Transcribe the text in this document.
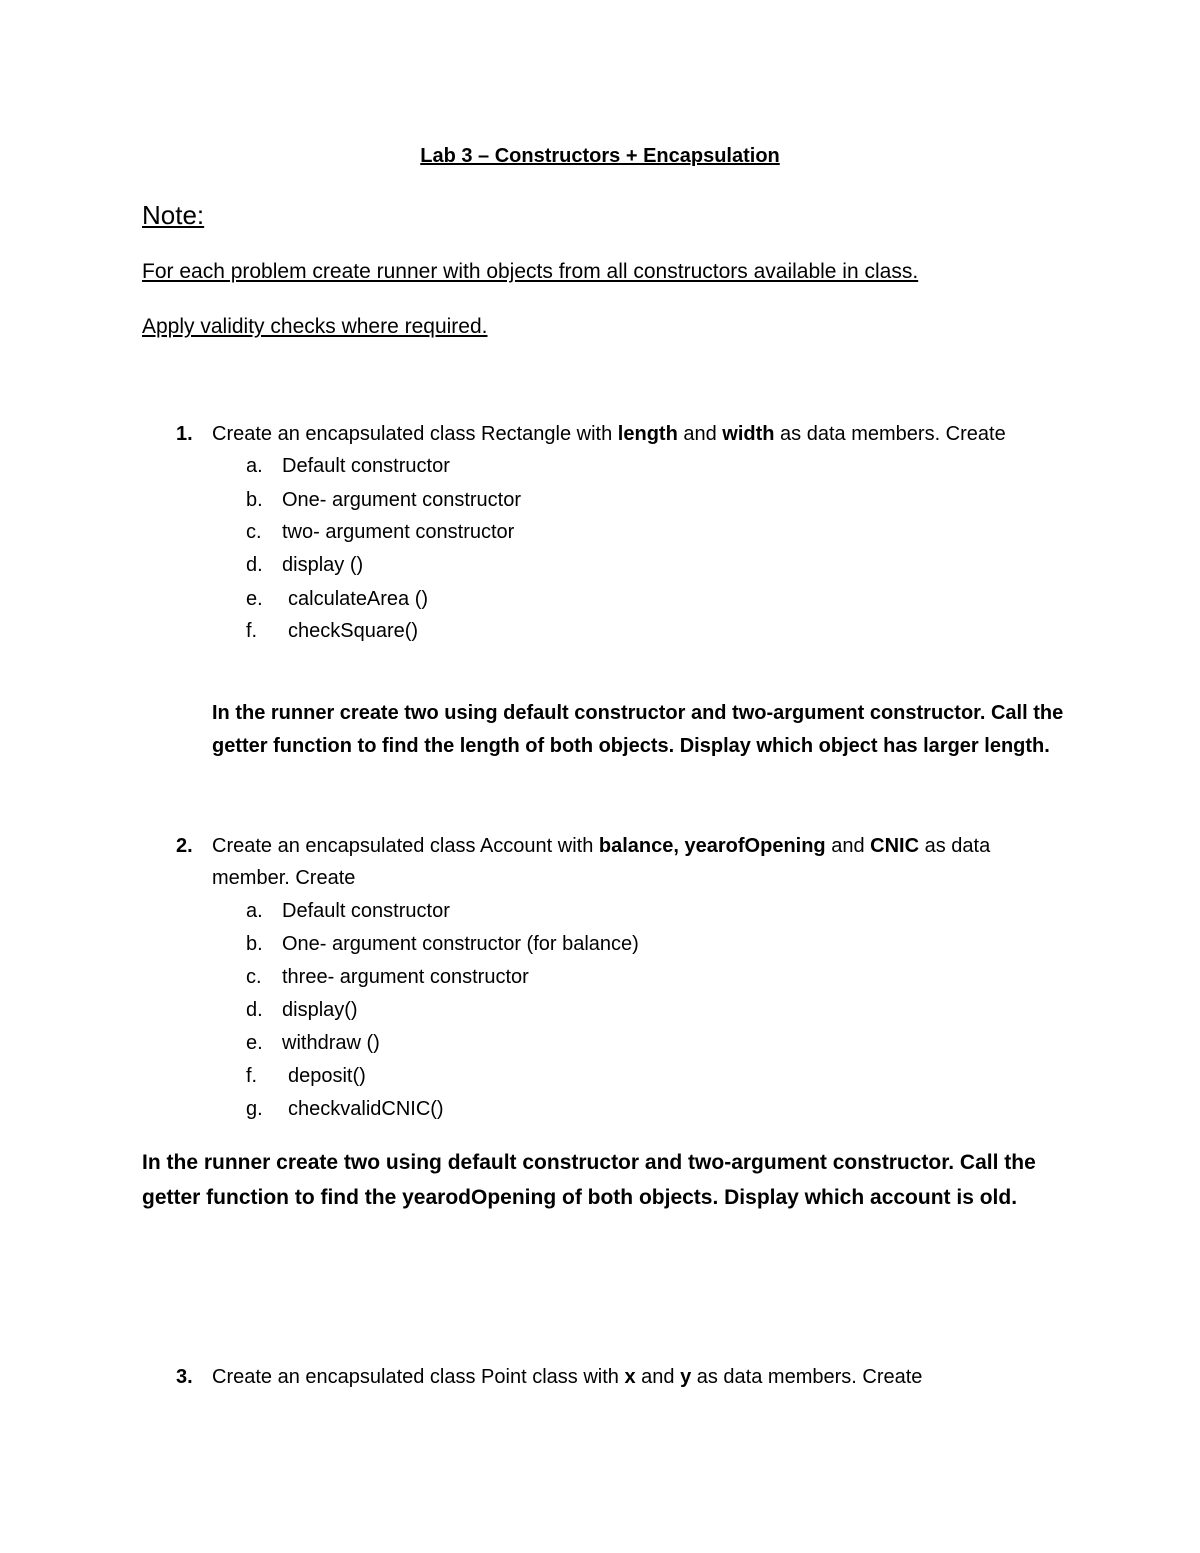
Lab 3 – Constructors + Encapsulation
Note:
For each problem create runner with objects from all constructors available in class.
Apply validity checks where required.
1. Create an encapsulated class Rectangle with length and width as data members. Create
a. Default constructor
b. One- argument constructor
c. two- argument constructor
d. display ()
e. calculateArea ()
f. checkSquare()
In the runner create two using default constructor and two-argument constructor. Call the getter function to find the length of both objects. Display which object has larger length.
2. Create an encapsulated class Account with balance, yearofOpening and CNIC as data
member. Create
a. Default constructor
b. One- argument constructor (for balance)
c. three- argument constructor
d. display()
e. withdraw ()
f. deposit()
g. checkvalidCNIC()
In the runner create two using default constructor and two-argument constructor. Call the getter function to find the yearodOpening of both objects. Display which account is old.
3. Create an encapsulated class Point class with x and y as data members. Create
